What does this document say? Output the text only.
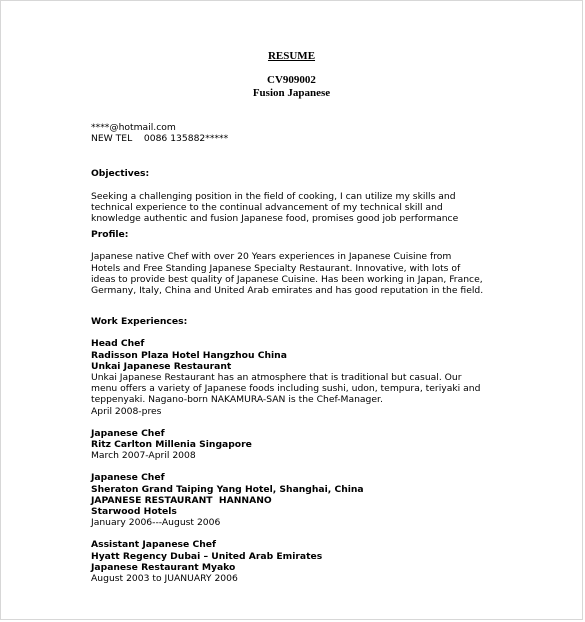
RESUME
CV909002
Fusion Japanese
****@hotmail.com
NEW TEL    0086 135882*****
Objectives:
Seeking a challenging position in the field of cooking, I can utilize my skills and
technical experience to the continual advancement of my technical skill and
knowledge authentic and fusion Japanese food, promises good job performance
Profile:
Japanese native Chef with over 20 Years experiences in Japanese Cuisine from
Hotels and Free Standing Japanese Specialty Restaurant. Innovative, with lots of
ideas to provide best quality of Japanese Cuisine. Has been working in Japan, France,
Germany, Italy, China and United Arab emirates and has good reputation in the field.
Work Experiences:
Head Chef
Radisson Plaza Hotel Hangzhou China
Unkai Japanese Restaurant
Unkai Japanese Restaurant has an atmosphere that is traditional but casual. Our
menu offers a variety of Japanese foods including sushi, udon, tempura, teriyaki and
teppenyaki. Nagano-born NAKAMURA-SAN is the Chef-Manager.
April 2008-pres
Japanese Chef
Ritz Carlton Millenia Singapore
March 2007-April 2008
Japanese Chef
Sheraton Grand Taiping Yang Hotel, Shanghai, China
JAPANESE RESTAURANT  HANNANO
Starwood Hotels
January 2006---August 2006
Assistant Japanese Chef
Hyatt Regency Dubai – United Arab Emirates
Japanese Restaurant Myako
August 2003 to JUANUARY 2006
